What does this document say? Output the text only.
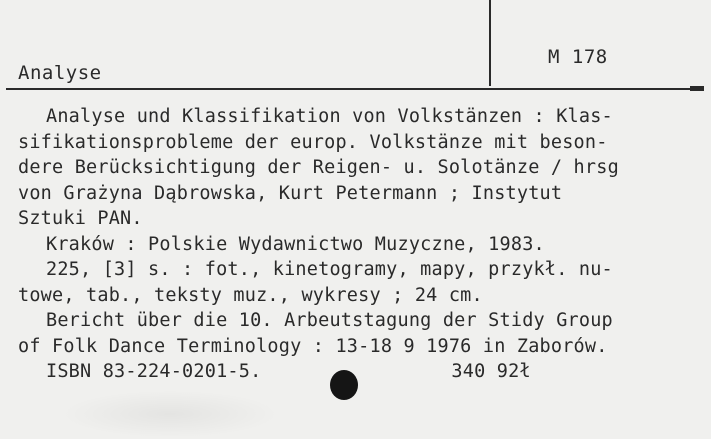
Analyse
M 178
Analyse und Klassifikation von Volkstänzen : Klas-
sifikationsprobleme der europ. Volkstänze mit beson-
dere Berücksichtigung der Reigen- u. Solotänze / hrsg
von Grażyna Dąbrowska, Kurt Petermann ; Instytut
Sztuki PAN.
Kraków : Polskie Wydawnictwo Muzyczne, 1983.
225, [3] s. : fot., kinetogramy, mapy, przykł. nu-
towe, tab., teksty muz., wykresy ; 24 cm.
Bericht über die 10. Arbeutstagung der Stidy Group
of Folk Dance Terminology : 13-18 9 1976 in Zaborów.
ISBN 83-224-0201-5.	340 92ł
